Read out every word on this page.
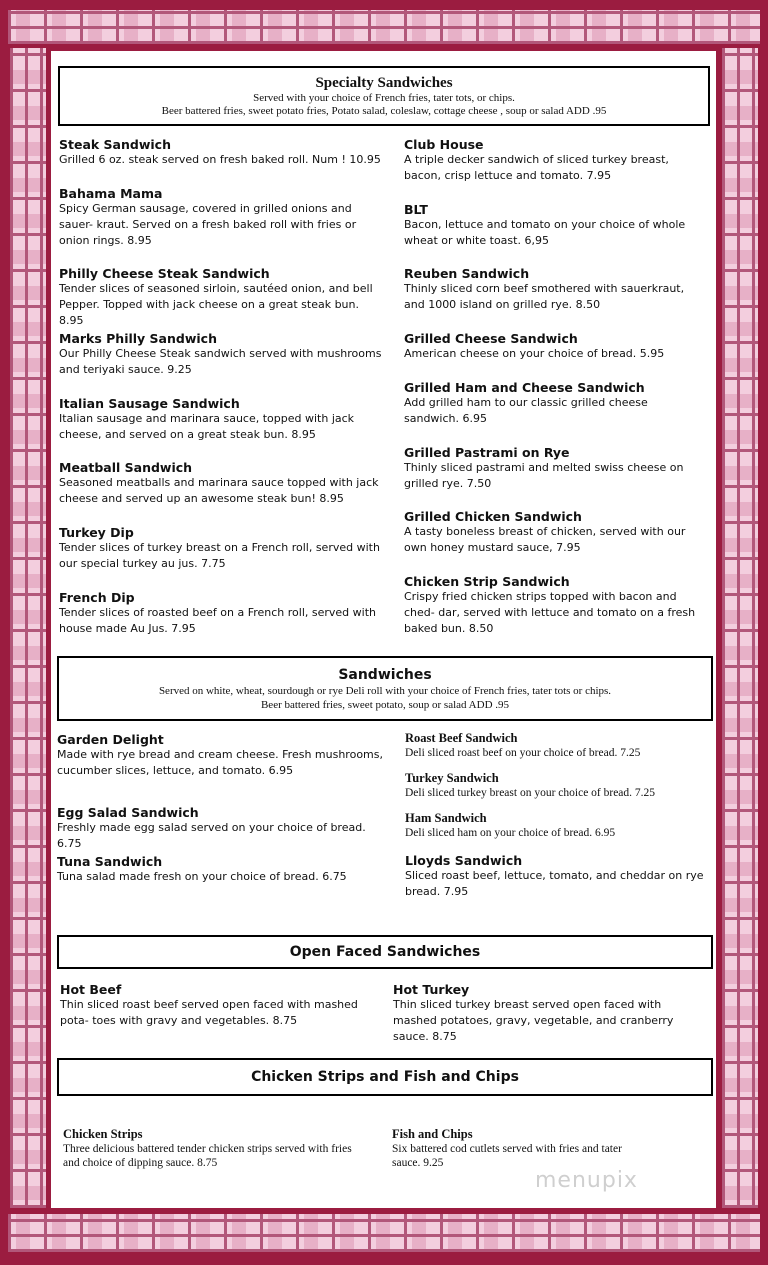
Specialty Sandwiches
Served with your choice of French fries, tater tots, or chips.
Beer battered fries, sweet potato fries, Potato salad, coleslaw, cottage cheese , soup or salad ADD .95
Steak Sandwich
Grilled 6 oz. steak served on fresh baked roll. Num ! 10.95
Bahama Mama
Spicy German sausage, covered in grilled onions and sauer- kraut. Served on a fresh baked roll with fries or onion rings. 8.95
Philly Cheese Steak Sandwich
Tender slices of seasoned sirloin, sautéed onion, and bell Pepper. Topped with jack cheese on a great steak bun. 8.95
Marks Philly Sandwich
Our Philly Cheese Steak sandwich served with mushrooms and teriyaki sauce. 9.25
Italian Sausage Sandwich
Italian sausage and marinara sauce, topped with jack cheese, and served on a great steak bun. 8.95
Meatball Sandwich
Seasoned meatballs and marinara sauce topped with jack cheese and served up an awesome steak bun! 8.95
Turkey Dip
Tender slices of turkey breast on a French roll, served with our special turkey au jus. 7.75
French Dip
Tender slices of roasted beef on a French roll, served with house made Au Jus. 7.95
Club House
A triple decker sandwich of sliced turkey breast, bacon, crisp lettuce and tomato. 7.95
BLT
Bacon, lettuce and tomato on your choice of whole wheat or white toast. 6,95
Reuben Sandwich
Thinly sliced corn beef smothered with sauerkraut, and 1000 island on grilled rye. 8.50
Grilled Cheese Sandwich
American cheese on your choice of bread. 5.95
Grilled Ham and Cheese Sandwich
Add grilled ham to our classic grilled cheese sandwich. 6.95
Grilled Pastrami on Rye
Thinly sliced pastrami and melted swiss cheese on grilled rye. 7.50
Grilled Chicken Sandwich
A tasty boneless breast of chicken, served with our own honey mustard sauce, 7.95
Chicken Strip Sandwich
Crispy fried chicken strips topped with bacon and ched- dar, served with lettuce and tomato on a fresh baked bun. 8.50
Sandwiches
Served on white, wheat, sourdough or rye Deli roll with your choice of French fries, tater tots or chips.
Beer battered fries, sweet potato, soup or salad ADD .95
Garden Delight
Made with rye bread and cream cheese. Fresh mushrooms, cucumber slices, lettuce, and tomato. 6.95
Egg Salad Sandwich
Freshly made egg salad served on your choice of bread. 6.75
Tuna Sandwich
Tuna salad made fresh on your choice of bread. 6.75
Roast Beef Sandwich
Deli sliced roast beef on your choice of bread. 7.25
Turkey Sandwich
Deli sliced turkey breast on your choice of bread. 7.25
Ham Sandwich
Deli sliced ham on your choice of bread. 6.95
Lloyds Sandwich
Sliced roast beef, lettuce, tomato, and cheddar on rye bread. 7.95
Open Faced Sandwiches
Hot Beef
Thin sliced roast beef served open faced with mashed pota- toes with gravy and vegetables. 8.75
Hot Turkey
Thin sliced turkey breast served open faced with mashed potatoes, gravy, vegetable, and cranberry sauce. 8.75
Chicken Strips and Fish and Chips
Chicken Strips
Three delicious battered tender chicken strips served with fries and choice of dipping sauce. 8.75
Fish and Chips
Six battered cod cutlets served with fries and tater sauce. 9.25
menupix
